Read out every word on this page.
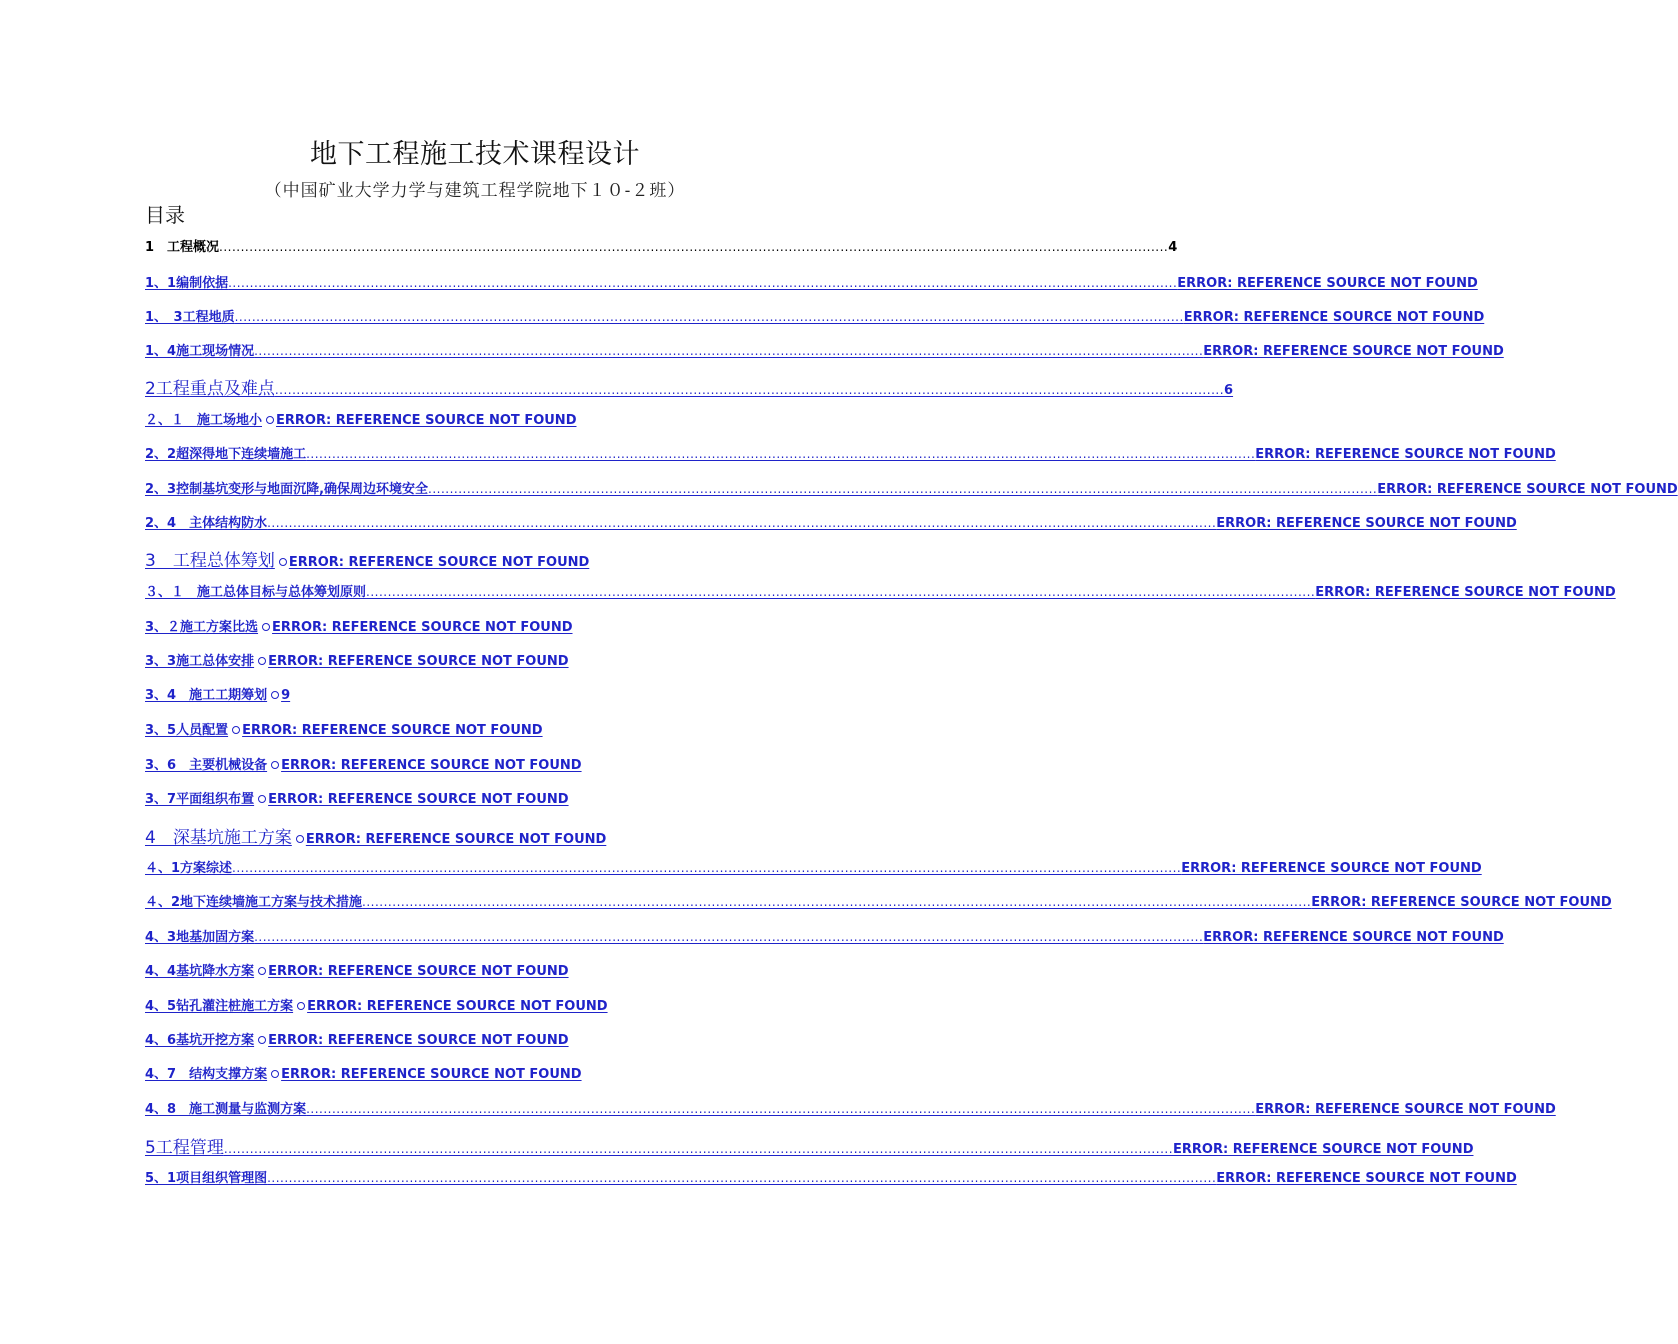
地下工程施工技术课程设计
（中国矿业大学力学与建筑工程学院地下１０-２班）
目录
1　工程概况 ............................................................................................................................................................................................................................ 4
1、1编制依据 ............................................................................................................................................................................................................................ ERROR: REFERENCE SOURCE NOT FOUND
1、　3工程地质 ............................................................................................................................................................................................................................ ERROR: REFERENCE SOURCE NOT FOUND
1、4施工现场情况 ............................................................................................................................................................................................................................ ERROR: REFERENCE SOURCE NOT FOUND
2工程重点及难点 ............................................................................................................................................................................................................................ 6
２、１　施工场地小 ERROR: REFERENCE SOURCE NOT FOUND
2、2超深得地下连续墙施工 ............................................................................................................................................................................................................................ ERROR: REFERENCE SOURCE NOT FOUND
2、3控制基坑变形与地面沉降,确保周边环境安全 ............................................................................................................................................................................................................................ ERROR: REFERENCE SOURCE NOT FOUND
2、4　主体结构防水 ............................................................................................................................................................................................................................ ERROR: REFERENCE SOURCE NOT FOUND
3　工程总体筹划 ERROR: REFERENCE SOURCE NOT FOUND
３、１　施工总体目标与总体筹划原则 ............................................................................................................................................................................................................................ ERROR: REFERENCE SOURCE NOT FOUND
3、２施工方案比选 ERROR: REFERENCE SOURCE NOT FOUND
3、3施工总体安排 ERROR: REFERENCE SOURCE NOT FOUND
3、4　施工工期筹划 9
3、5人员配置 ERROR: REFERENCE SOURCE NOT FOUND
3、6　主要机械设备 ERROR: REFERENCE SOURCE NOT FOUND
3、7平面组织布置 ERROR: REFERENCE SOURCE NOT FOUND
4　深基坑施工方案 ERROR: REFERENCE SOURCE NOT FOUND
４、1方案综述 ............................................................................................................................................................................................................................ ERROR: REFERENCE SOURCE NOT FOUND
４、2地下连续墙施工方案与技术措施 ............................................................................................................................................................................................................................ ERROR: REFERENCE SOURCE NOT FOUND
4、3地基加固方案 ............................................................................................................................................................................................................................ ERROR: REFERENCE SOURCE NOT FOUND
4、4基坑降水方案 ERROR: REFERENCE SOURCE NOT FOUND
4、5钻孔灌注桩施工方案 ERROR: REFERENCE SOURCE NOT FOUND
4、6基坑开挖方案 ERROR: REFERENCE SOURCE NOT FOUND
4、7　结构支撑方案 ERROR: REFERENCE SOURCE NOT FOUND
4、8　施工测量与监测方案 ............................................................................................................................................................................................................................ ERROR: REFERENCE SOURCE NOT FOUND
5工程管理 ............................................................................................................................................................................................................................ ERROR: REFERENCE SOURCE NOT FOUND
5、1项目组织管理图 ............................................................................................................................................................................................................................ ERROR: REFERENCE SOURCE NOT FOUND
